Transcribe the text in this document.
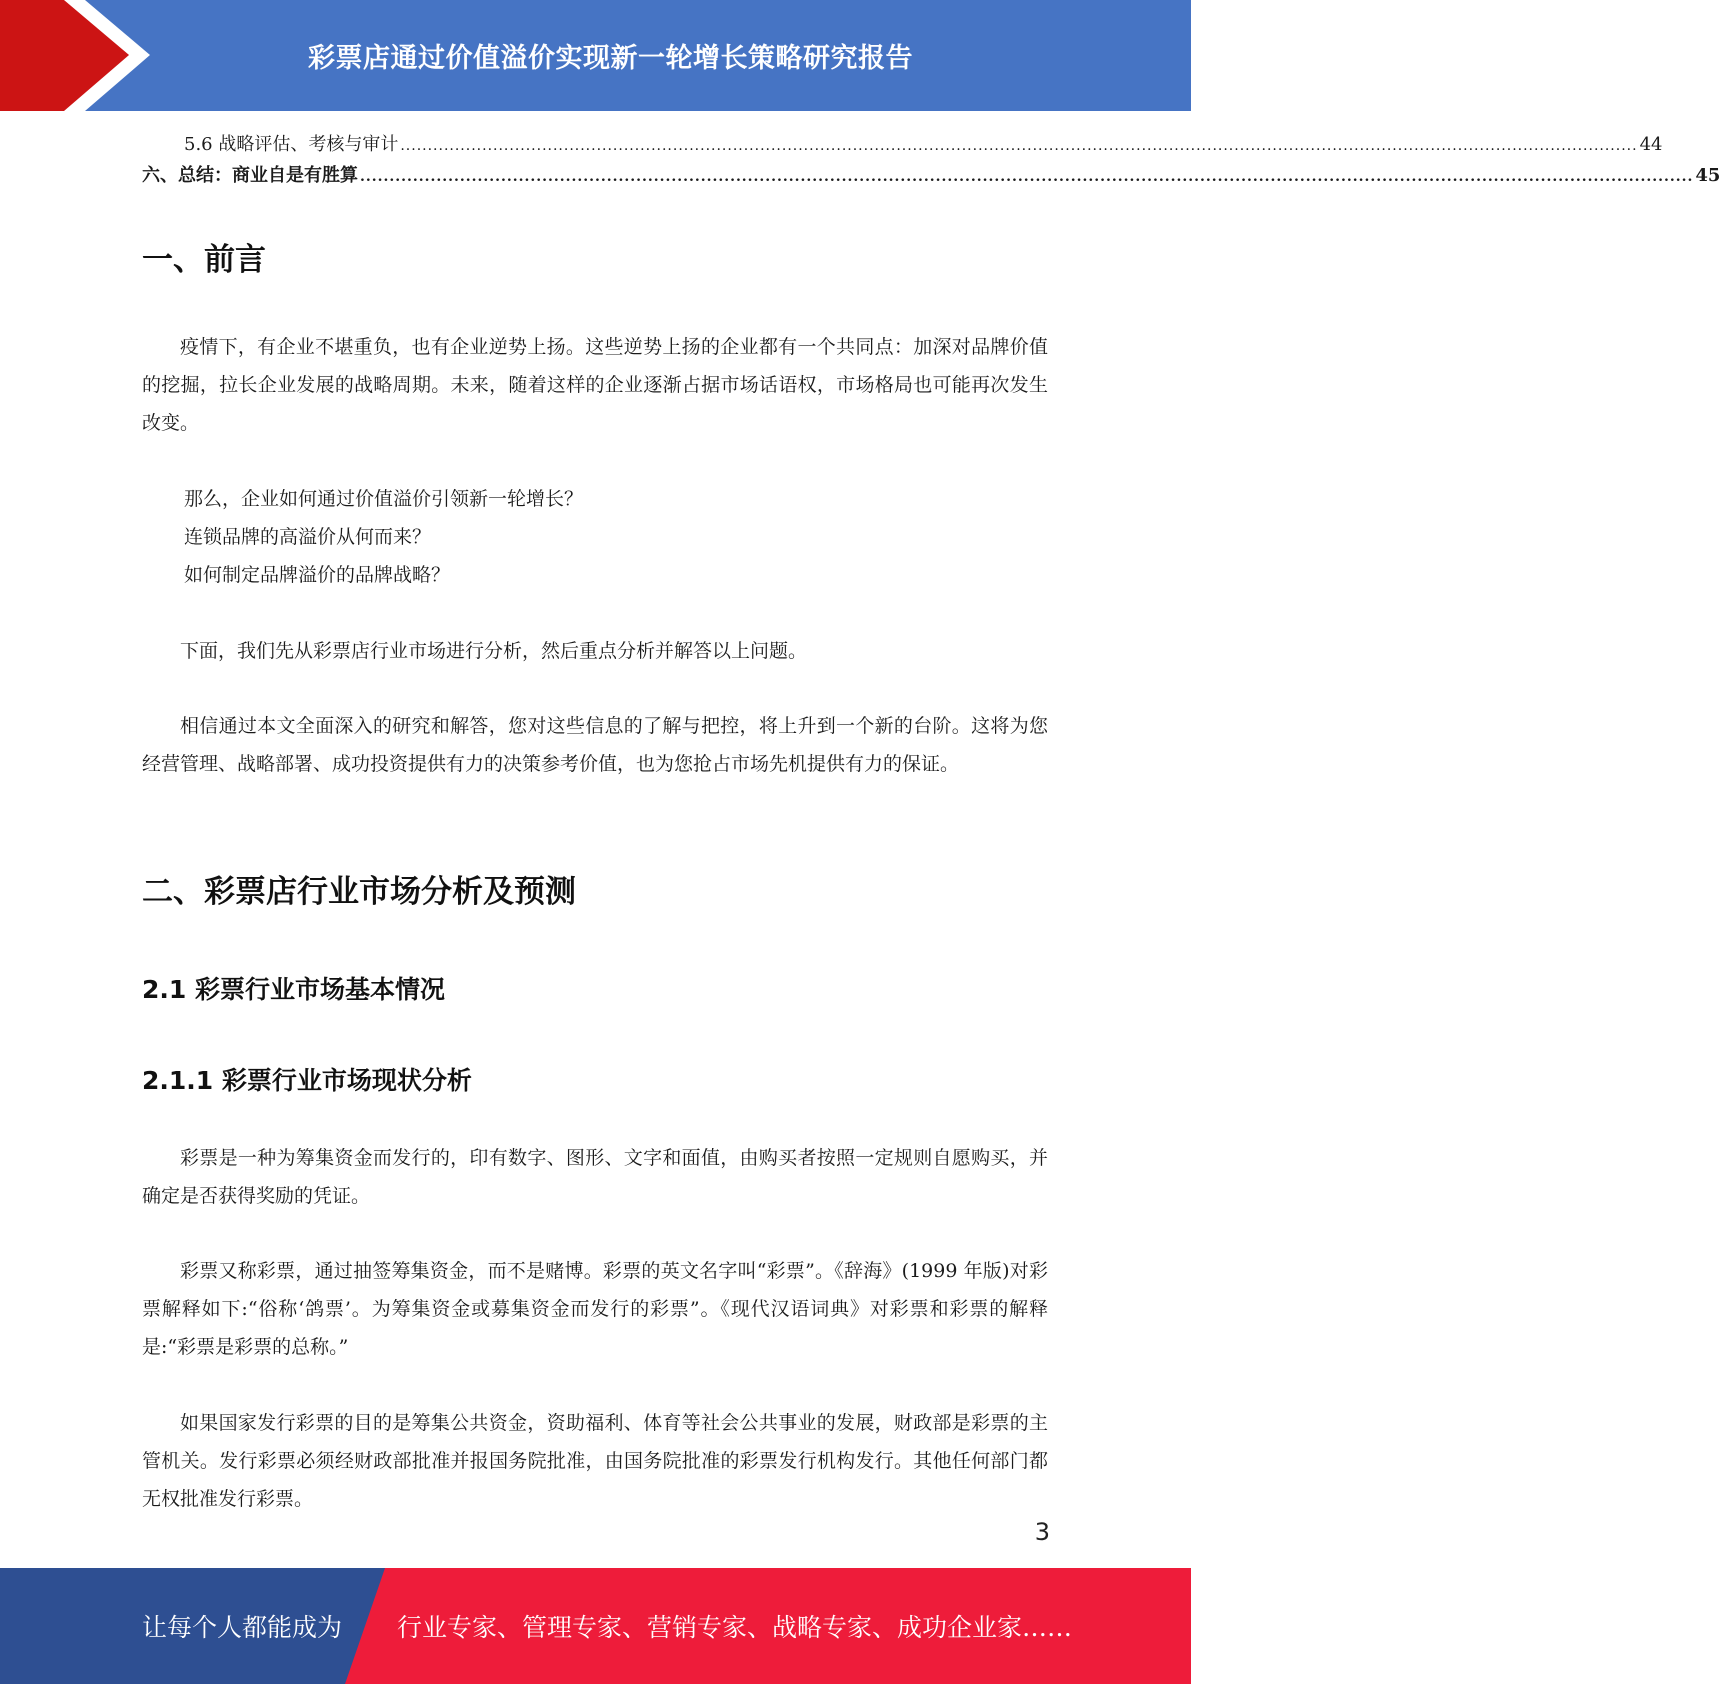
彩票店通过价值溢价实现新一轮增长策略研究报告
5.6 战略评估、考核与审计 ................................................................................................................................................................................................................................... 44
六、总结：商业自是有胜算 ................................................................................................................................................................................................................................... 45
一、前言

疫情下，有企业不堪重负，也有企业逆势上扬。这些逆势上扬的企业都有一个共同点：加深对品牌价值的挖掘，拉长企业发展的战略周期。未来，随着这样的企业逐渐占据市场话语权，市场格局也可能再次发生改变。

那么，企业如何通过价值溢价引领新一轮增长？
连锁品牌的高溢价从何而来？
如何制定品牌溢价的品牌战略？

下面，我们先从彩票店行业市场进行分析，然后重点分析并解答以上问题。

相信通过本文全面深入的研究和解答，您对这些信息的了解与把控，将上升到一个新的台阶。这将为您经营管理、战略部署、成功投资提供有力的决策参考价值，也为您抢占市场先机提供有力的保证。

二、彩票店行业市场分析及预测
2.1 彩票行业市场基本情况
2.1.1 彩票行业市场现状分析

彩票是一种为筹集资金而发行的，印有数字、图形、文字和面值，由购买者按照一定规则自愿购买，并确定是否获得奖励的凭证。

彩票又称彩票，通过抽签筹集资金，而不是赌博。彩票的英文名字叫“彩票”。《辞海》(1999 年版)对彩票解释如下:“俗称‘鸽票’。为筹集资金或募集资金而发行的彩票”。《现代汉语词典》对彩票和彩票的解释是:“彩票是彩票的总称。”

如果国家发行彩票的目的是筹集公共资金，资助福利、体育等社会公共事业的发展，财政部是彩票的主管机关。发行彩票必须经财政部批准并报国务院批准，由国务院批准的彩票发行机构发行。其他任何部门都无权批准发行彩票。

3
让每个人都能成为 行业专家、管理专家、营销专家、战略专家、成功企业家……
